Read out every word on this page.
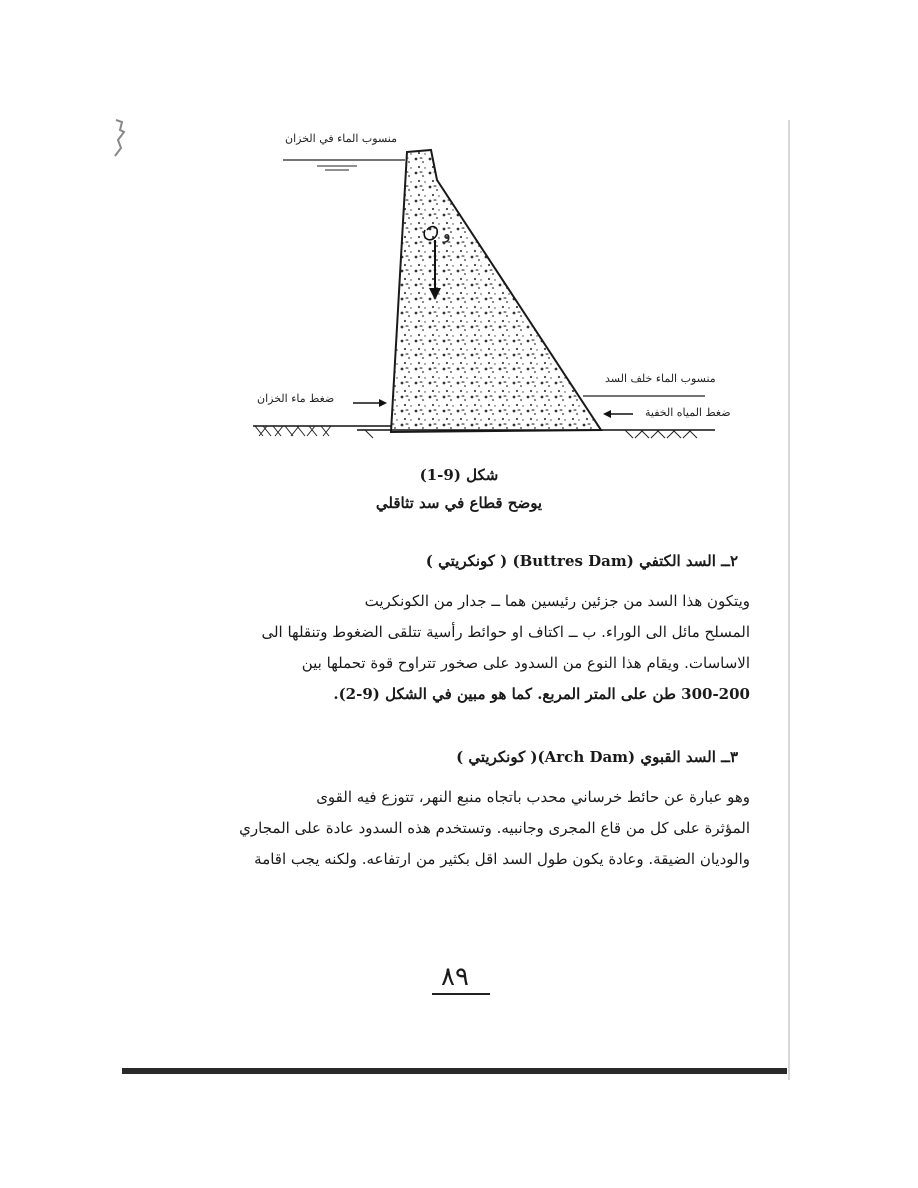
منسوب الماء في الخزان
منسوب الماء خلف السد
ضغط ماء الخزان
ضغط المياه الخفية
و
شكل (9-1)
يوضح قطاع في سد تثاقلي
٢ــ السد الكتفي (Buttres Dam) ( كونكريتي )
ويتكون هذا السد من جزئين رئيسين هما ــ جدار من الكونكريت
المسلح مائل الى الوراء. ب ــ اكتاف او حوائط رأسية تتلقى الضغوط وتنقلها الى
الاساسات. ويقام هذا النوع من السدود على صخور تتراوح قوة تحملها بين
300-200 طن على المتر المربع. كما هو مبين في الشكل (9-2).
٣ــ السد القبوي (Arch Dam)( كونكريتي )
وهو عبارة عن حائط خرساني محدب باتجاه منبع النهر، تتوزع فيه القوى
المؤثرة على كل من قاع المجرى وجانبيه. وتستخدم هذه السدود عادة على المجاري
والوديان الضيقة. وعادة يكون طول السد اقل بكثير من ارتفاعه. ولكنه يجب اقامة
٨٩
